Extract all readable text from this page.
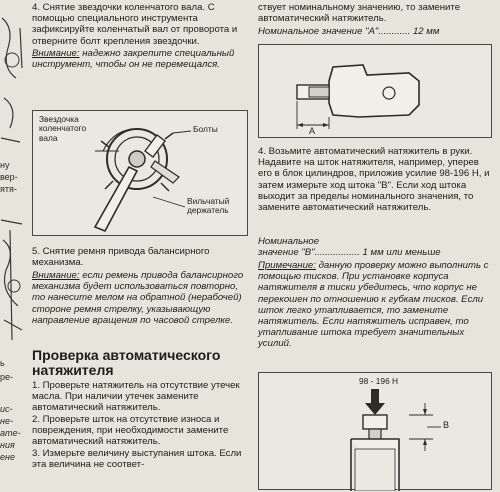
ну
вер-
ятя-
ь
ре-
ис-
не-
ате-
ния
ене

4. Снятие звездочки коленчатого вала. С помощью специального инструмента зафиксируйте коленчатый вал от проворота и отверните болт крепления звездочки.

Внимание: надежно закрепите специальный инструмент, чтобы он не перемещался.

Звездочка коленчатого вала
Болты
Вильчатый держатель

5. Снятие ремня привода балансирного механизма.

Внимание: если ремень привода балансирного механизма будет использоваться повторно, то нанесите мелом на обратной (нерабочей) стороне ремня стрелку, указывающую направление вращения по часовой стрелке.

Проверка автоматического натяжителя

1. Проверьте натяжитель на отсутствие утечек масла. При наличии утечек замените автоматический натяжитель.

2. Проверьте шток на отсутствие износа и повреждения, при необходимости замените автоматический натяжитель.

3. Измерьте величину выступания штока. Если эта величина не соответ-

ствует номинальному значению, то замените автоматический натяжитель.

Номинальное значение "А"............ 12 мм

A

4. Возьмите автоматический натяжитель в руки. Надавите на шток натяжителя, например, уперев его в блок цилиндров, приложив усилие 98-196 Н, и затем измерьте ход штока "В". Если ход штока выходит за пределы номинального значения, то замените автоматический натяжитель.

Номинальное

значение "В"................. 1 мм или меньше

Примечание: данную проверку можно выполнить с помощью тисков. При установке корпуса натяжителя в тиски убедитесь, что корпус не перекошен по отношению к губкам тисков. Если шток легко утапливается, то замените натяжитель. Если натяжитель исправен, то утапливание штока требует значительных усилий.

98 - 196 Н
B
